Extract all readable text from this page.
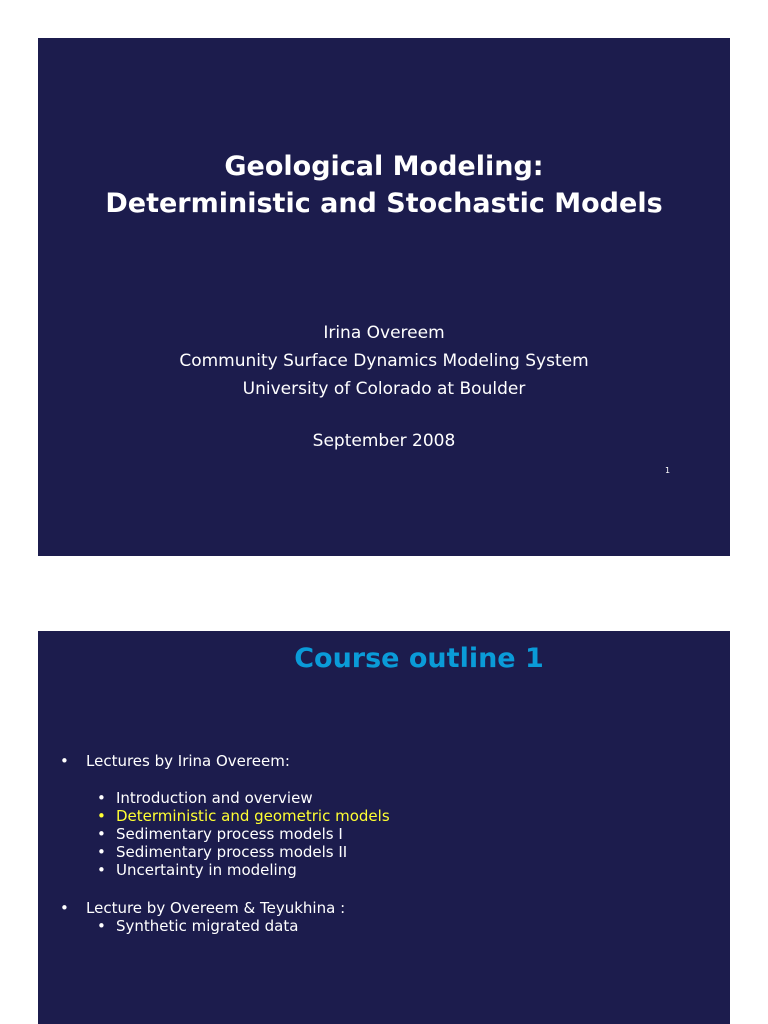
Geological Modeling:
Deterministic and Stochastic Models
Irina Overeem
Community Surface Dynamics Modeling System
University of Colorado at Boulder
September 2008
1
Course outline 1
• Lectures by Irina Overeem:
• Introduction and overview
• Deterministic and geometric models
• Sedimentary process models I
• Sedimentary process models II
• Uncertainty in modeling
• Lecture by Overeem & Teyukhina :
• Synthetic migrated data
